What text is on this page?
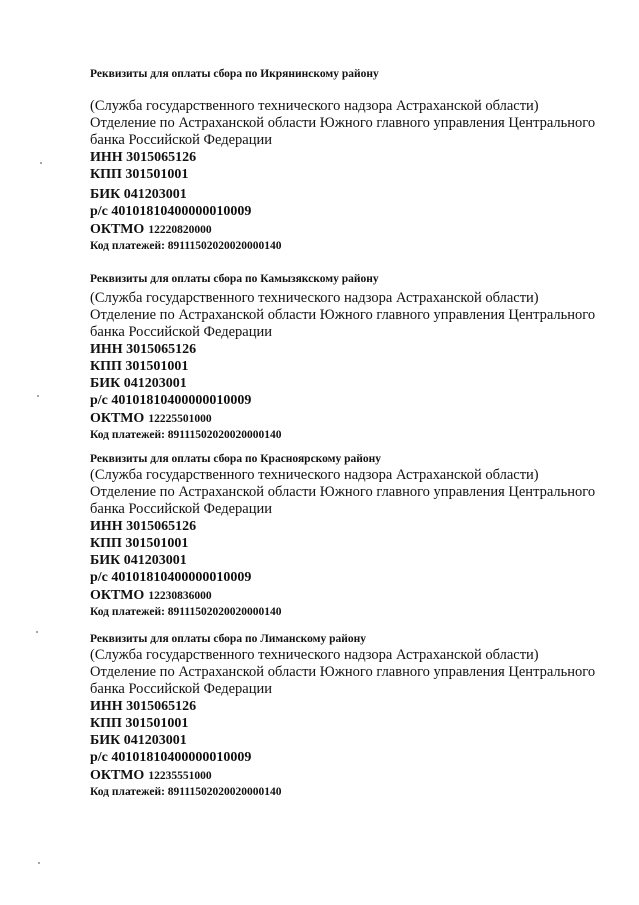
Реквизиты для оплаты сбора по Икрянинскому району
(Служба государственного технического надзора Астраханской области)
Отделение по Астраханской области Южного главного управления Центрального
банка Российской Федерации
ИНН 3015065126
КПП 301501001
БИК 041203001
р/с 40101810400000010009
ОКТМО 12220820000
Код платежей: 89111502020020000140
Реквизиты для оплаты сбора по Камызякскому району
(Служба государственного технического надзора Астраханской области)
Отделение по Астраханской области Южного главного управления Центрального
банка Российской Федерации
ИНН 3015065126
КПП 301501001
БИК 041203001
р/с 40101810400000010009
ОКТМО 12225501000
Код платежей: 89111502020020000140
Реквизиты для оплаты сбора по Красноярскому району
(Служба государственного технического надзора Астраханской области)
Отделение по Астраханской области Южного главного управления Центрального
банка Российской Федерации
ИНН 3015065126
КПП 301501001
БИК 041203001
р/с 40101810400000010009
ОКТМО 12230836000
Код платежей: 89111502020020000140
Реквизиты для оплаты сбора по Лиманскому району
(Служба государственного технического надзора Астраханской области)
Отделение по Астраханской области Южного главного управления Центрального
банка Российской Федерации
ИНН 3015065126
КПП 301501001
БИК 041203001
р/с 40101810400000010009
ОКТМО 12235551000
Код платежей: 89111502020020000140
